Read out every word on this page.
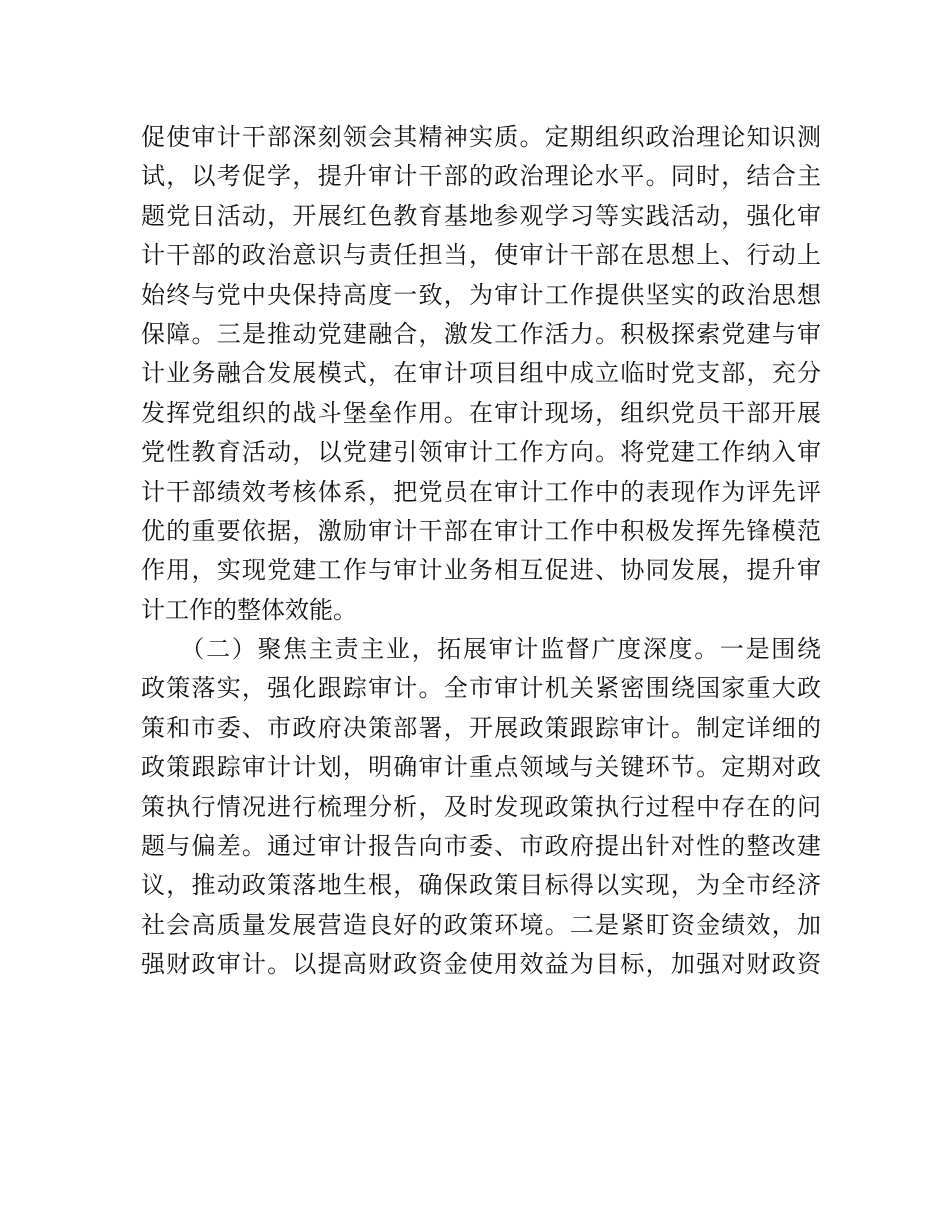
促使审计干部深刻领会其精神实质。定期组织政治理论知识测
试，以考促学，提升审计干部的政治理论水平。同时，结合主
题党日活动，开展红色教育基地参观学习等实践活动，强化审
计干部的政治意识与责任担当，使审计干部在思想上、行动上
始终与党中央保持高度一致，为审计工作提供坚实的政治思想
保障。三是推动党建融合，激发工作活力。积极探索党建与审
计业务融合发展模式，在审计项目组中成立临时党支部，充分
发挥党组织的战斗堡垒作用。在审计现场，组织党员干部开展
党性教育活动，以党建引领审计工作方向。将党建工作纳入审
计干部绩效考核体系，把党员在审计工作中的表现作为评先评
优的重要依据，激励审计干部在审计工作中积极发挥先锋模范
作用，实现党建工作与审计业务相互促进、协同发展，提升审
计工作的整体效能。
　　（二）聚焦主责主业，拓展审计监督广度深度。一是围绕
政策落实，强化跟踪审计。全市审计机关紧密围绕国家重大政
策和市委、市政府决策部署，开展政策跟踪审计。制定详细的
政策跟踪审计计划，明确审计重点领域与关键环节。定期对政
策执行情况进行梳理分析，及时发现政策执行过程中存在的问
题与偏差。通过审计报告向市委、市政府提出针对性的整改建
议，推动政策落地生根，确保政策目标得以实现，为全市经济
社会高质量发展营造良好的政策环境。二是紧盯资金绩效，加
强财政审计。以提高财政资金使用效益为目标，加强对财政资
